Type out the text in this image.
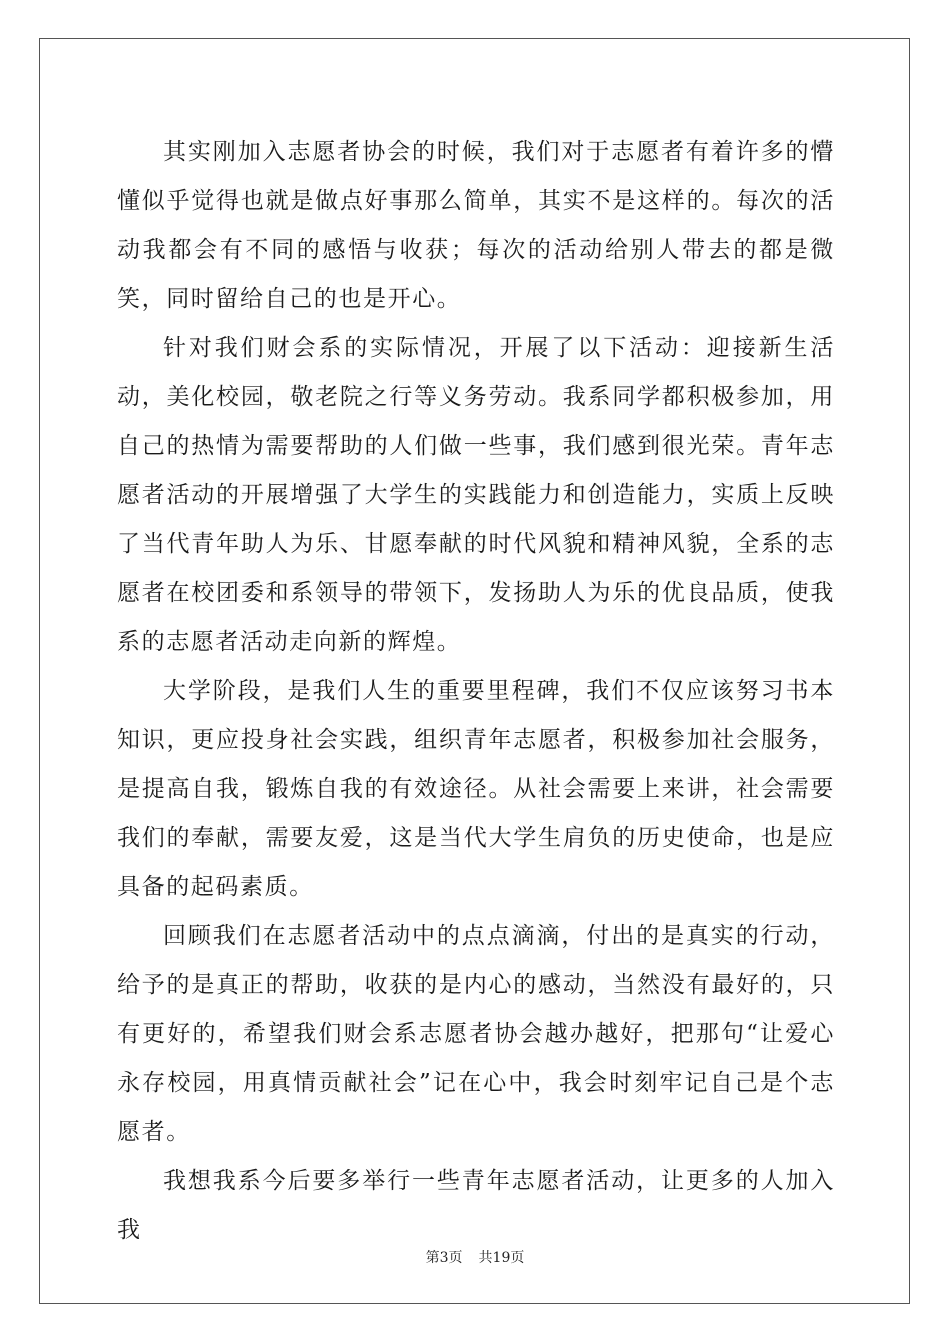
其实刚加入志愿者协会的时候，我们对于志愿者有着许多的懵懂似乎觉得也就是做点好事那么简单，其实不是这样的。每次的活动我都会有不同的感悟与收获；每次的活动给别人带去的都是微笑，同时留给自己的也是开心。

针对我们财会系的实际情况，开展了以下活动：迎接新生活动，美化校园，敬老院之行等义务劳动。我系同学都积极参加，用自己的热情为需要帮助的人们做一些事，我们感到很光荣。青年志愿者活动的开展增强了大学生的实践能力和创造能力，实质上反映了当代青年助人为乐、甘愿奉献的时代风貌和精神风貌，全系的志愿者在校团委和系领导的带领下，发扬助人为乐的优良品质，使我系的志愿者活动走向新的辉煌。

大学阶段，是我们人生的重要里程碑，我们不仅应该努习书本知识，更应投身社会实践，组织青年志愿者，积极参加社会服务，是提高自我，锻炼自我的有效途径。从社会需要上来讲，社会需要我们的奉献，需要友爱，这是当代大学生肩负的历史使命，也是应具备的起码素质。

回顾我们在志愿者活动中的点点滴滴，付出的是真实的行动，给予的是真正的帮助，收获的是内心的感动，当然没有最好的，只有更好的，希望我们财会系志愿者协会越办越好，把那句“让爱心永存校园，用真情贡献社会”记在心中，我会时刻牢记自己是个志愿者。

我想我系今后要多举行一些青年志愿者活动，让更多的人加入我

第3页 共19页
